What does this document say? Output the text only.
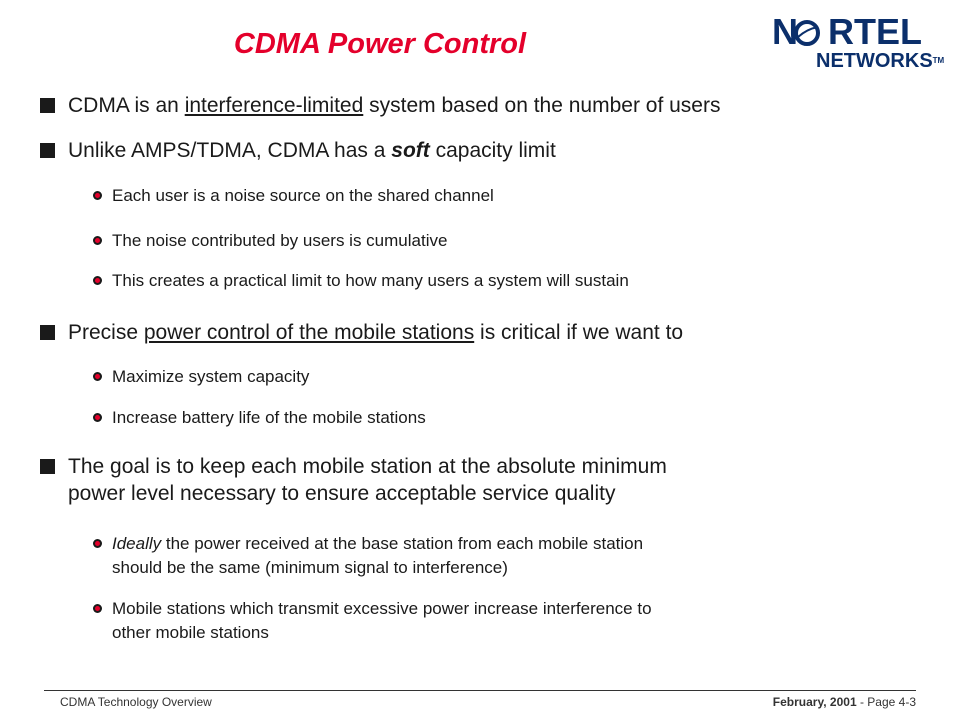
CDMA Power Control	N RTEL
NETWORKS™

CDMA is an interference-limited system based on the number of users

Unlike AMPS/TDMA, CDMA has a soft capacity limit

Each user is a noise source on the shared channel

The noise contributed by users is cumulative

This creates a practical limit to how many users a system will sustain

Precise power control of the mobile stations is critical if we want to

Maximize system capacity

Increase battery life of the mobile stations

The goal is to keep each mobile station at the absolute minimum
power level necessary to ensure acceptable service quality

Ideally the power received at the base station from each mobile station
should be the same (minimum signal to interference)

Mobile stations which transmit excessive power increase interference to
other mobile stations

CDMA Technology Overview	February, 2001 - Page 4-3
